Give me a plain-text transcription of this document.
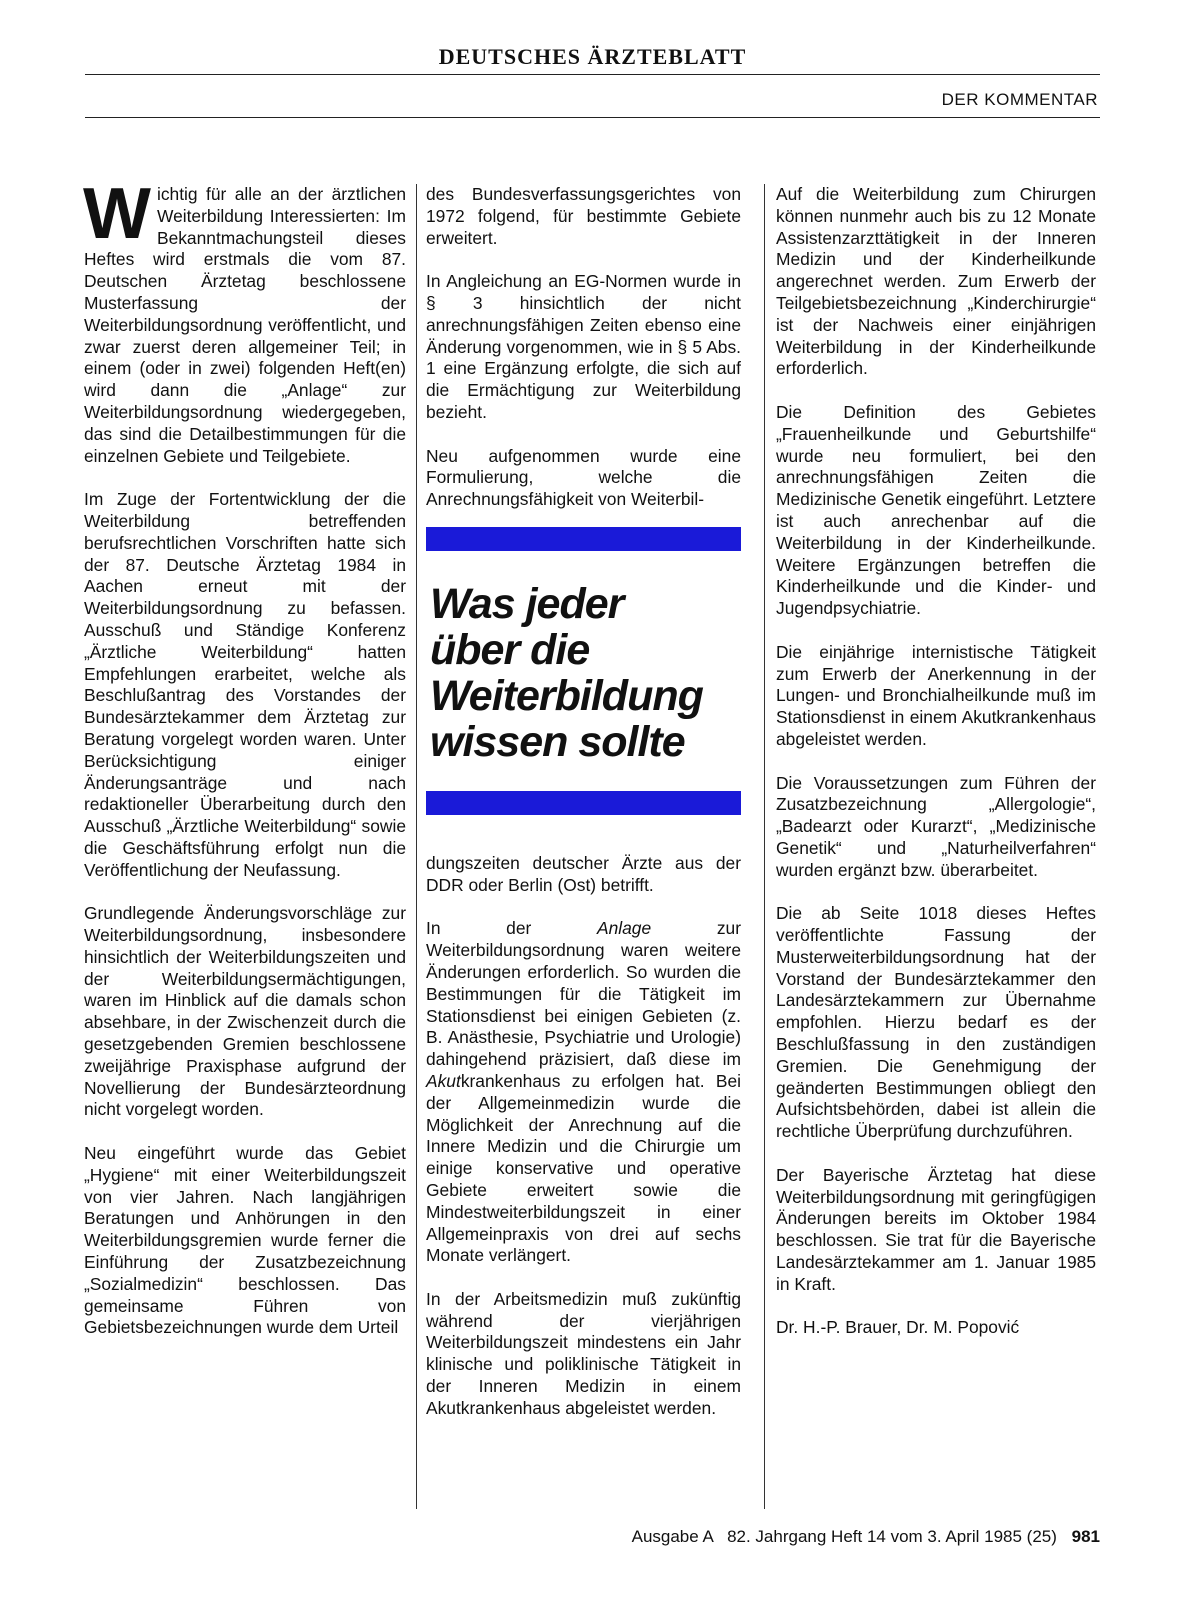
DEUTSCHES ÄRZTEBLATT
DER KOMMENTAR

Wichtig für alle an der ärztlichen Weiterbildung Interessierten: Im Bekanntmachungsteil dieses Heftes wird erstmals die vom 87. Deutschen Ärztetag beschlossene Musterfassung der Weiterbildungsordnung veröffentlicht, und zwar zuerst deren allgemeiner Teil; in einem (oder in zwei) folgenden Heft(en) wird dann die „Anlage“ zur Weiterbildungsordnung wiedergegeben, das sind die Detailbestimmungen für die einzelnen Gebiete und Teilgebiete.

Im Zuge der Fortentwicklung der die Weiterbildung betreffenden berufsrechtlichen Vorschriften hatte sich der 87. Deutsche Ärztetag 1984 in Aachen erneut mit der Weiterbildungsordnung zu befassen. Ausschuß und Ständige Konferenz „Ärztliche Weiterbildung“ hatten Empfehlungen erarbeitet, welche als Beschlußantrag des Vorstandes der Bundesärztekammer dem Ärztetag zur Beratung vorgelegt worden waren. Unter Berücksichtigung einiger Änderungsanträge und nach redaktioneller Überarbeitung durch den Ausschuß „Ärztliche Weiterbildung“ sowie die Geschäftsführung erfolgt nun die Veröffentlichung der Neufassung.

Grundlegende Änderungsvorschläge zur Weiterbildungsordnung, insbesondere hinsichtlich der Weiterbildungszeiten und der Weiterbildungsermächtigungen, waren im Hinblick auf die damals schon absehbare, in der Zwischenzeit durch die gesetzgebenden Gremien beschlossene zweijährige Praxisphase aufgrund der Novellierung der Bundesärzteordnung nicht vorgelegt worden.

Neu eingeführt wurde das Gebiet „Hygiene“ mit einer Weiterbildungszeit von vier Jahren. Nach langjährigen Beratungen und Anhörungen in den Weiterbildungsgremien wurde ferner die Einführung der Zusatzbezeichnung „Sozialmedizin“ beschlossen. Das gemeinsame Führen von Gebietsbezeichnungen wurde dem Urteil

des Bundesverfassungsgerichtes von 1972 folgend, für bestimmte Gebiete erweitert.

In Angleichung an EG-Normen wurde in § 3 hinsichtlich der nicht anrechnungsfähigen Zeiten ebenso eine Änderung vorgenommen, wie in § 5 Abs. 1 eine Ergänzung erfolgte, die sich auf die Ermächtigung zur Weiterbildung bezieht.

Neu aufgenommen wurde eine Formulierung, welche die Anrechnungsfähigkeit von Weiterbil-

Was jeder
über die
Weiterbildung
wissen sollte

dungszeiten deutscher Ärzte aus der DDR oder Berlin (Ost) betrifft.

In der Anlage zur Weiterbildungsordnung waren weitere Änderungen erforderlich. So wurden die Bestimmungen für die Tätigkeit im Stationsdienst bei einigen Gebieten (z. B. Anästhesie, Psychiatrie und Urologie) dahingehend präzisiert, daß diese im Akutkrankenhaus zu erfolgen hat. Bei der Allgemeinmedizin wurde die Möglichkeit der Anrechnung auf die Innere Medizin und die Chirurgie um einige konservative und operative Gebiete erweitert sowie die Mindestweiterbildungszeit in einer Allgemeinpraxis von drei auf sechs Monate verlängert.

In der Arbeitsmedizin muß zukünftig während der vierjährigen Weiterbildungszeit mindestens ein Jahr klinische und poliklinische Tätigkeit in der Inneren Medizin in einem Akutkrankenhaus abgeleistet werden.

Auf die Weiterbildung zum Chirurgen können nunmehr auch bis zu 12 Monate Assistenzarzttätigkeit in der Inneren Medizin und der Kinderheilkunde angerechnet werden. Zum Erwerb der Teilgebietsbezeichnung „Kinderchirurgie“ ist der Nachweis einer einjährigen Weiterbildung in der Kinderheilkunde erforderlich.

Die Definition des Gebietes „Frauenheilkunde und Geburtshilfe“ wurde neu formuliert, bei den anrechnungsfähigen Zeiten die Medizinische Genetik eingeführt. Letztere ist auch anrechenbar auf die Weiterbildung in der Kinderheilkunde. Weitere Ergänzungen betreffen die Kinderheilkunde und die Kinder- und Jugendpsychiatrie.

Die einjährige internistische Tätigkeit zum Erwerb der Anerkennung in der Lungen- und Bronchialheilkunde muß im Stationsdienst in einem Akutkrankenhaus abgeleistet werden.

Die Voraussetzungen zum Führen der Zusatzbezeichnung „Allergologie“, „Badearzt oder Kurarzt“, „Medizinische Genetik“ und „Naturheilverfahren“ wurden ergänzt bzw. überarbeitet.

Die ab Seite 1018 dieses Heftes veröffentlichte Fassung der Musterweiterbildungsordnung hat der Vorstand der Bundesärztekammer den Landesärztekammern zur Übernahme empfohlen. Hierzu bedarf es der Beschlußfassung in den zuständigen Gremien. Die Genehmigung der geänderten Bestimmungen obliegt den Aufsichtsbehörden, dabei ist allein die rechtliche Überprüfung durchzuführen.

Der Bayerische Ärztetag hat diese Weiterbildungsordnung mit geringfügigen Änderungen bereits im Oktober 1984 beschlossen. Sie trat für die Bayerische Landesärztekammer am 1. Januar 1985 in Kraft.

Dr. H.-P. Brauer, Dr. M. Popović

Ausgabe A   82. Jahrgang Heft 14 vom 3. April 1985 (25) 981
